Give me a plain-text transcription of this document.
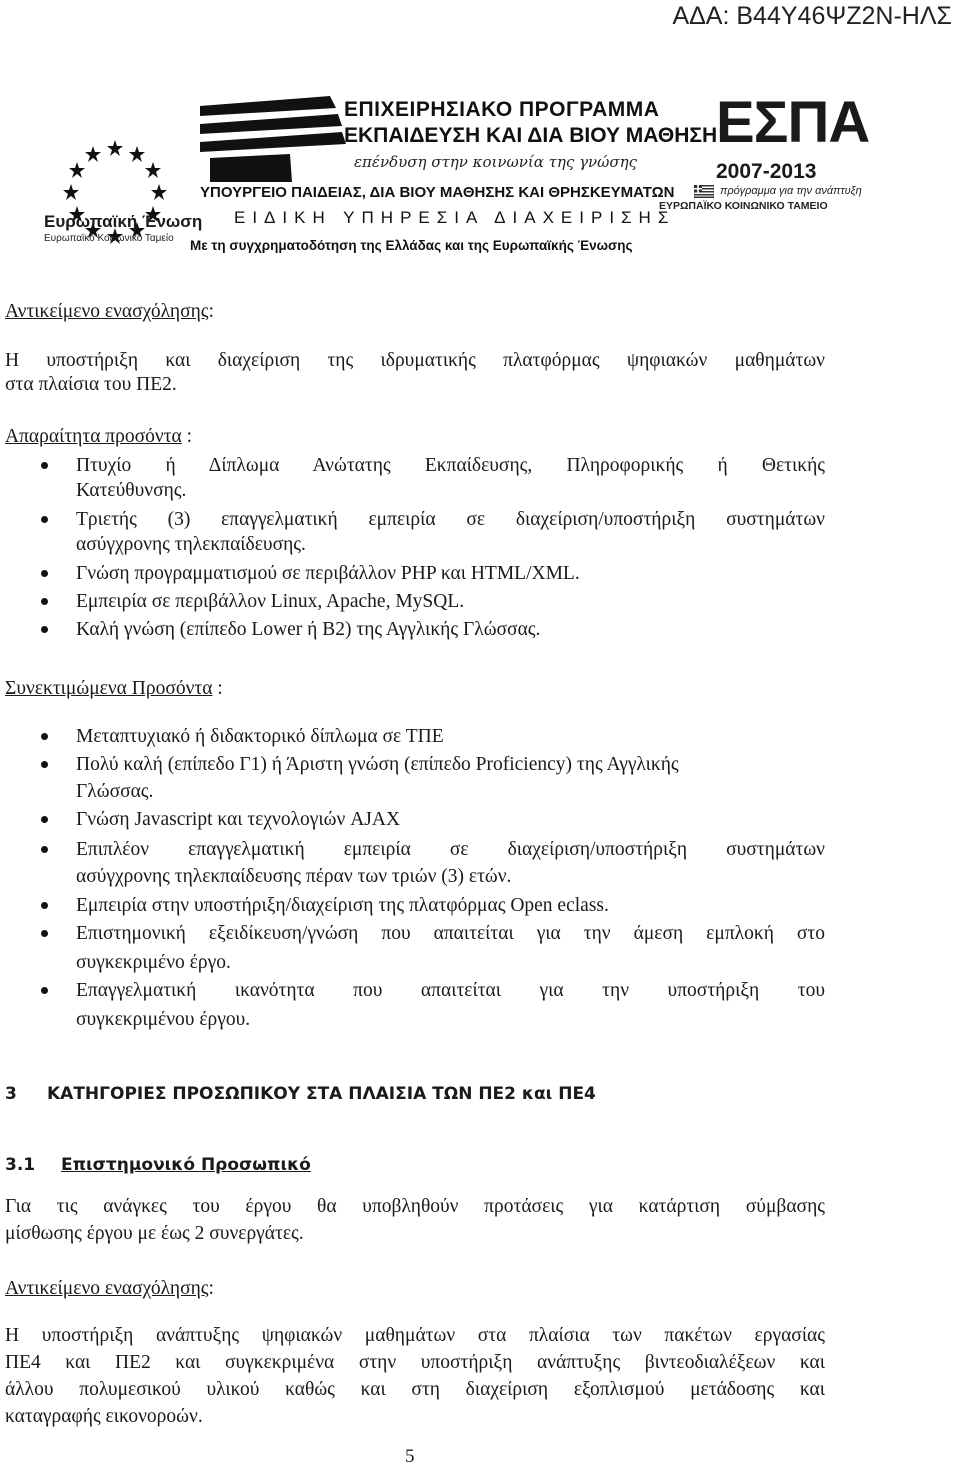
ΑΔΑ: Β44Υ46ΨΖ2Ν-ΗΛΣ
Ευρωπαϊκή Ένωση
Ευρωπαϊκό Κοινωνικό Ταμείο
ΕΠΙΧΕΙΡΗΣΙΑΚΟ ΠΡΟΓΡΑΜΜΑ
ΕΚΠΑΙΔΕΥΣΗ ΚΑΙ ΔΙΑ ΒΙΟΥ ΜΑΘΗΣΗ
επένδυση στην κοινωνία της γνώσης
ΥΠΟΥΡΓΕΙΟ ΠΑΙΔΕΙΑΣ, ΔΙΑ ΒΙΟΥ ΜΑΘΗΣΗΣ ΚΑΙ ΘΡΗΣΚΕΥΜΑΤΩΝ
ΕΙΔΙΚΗ ΥΠΗΡΕΣΙΑ ΔΙΑΧΕΙΡΙΣΗΣ
Με τη συγχρηματοδότηση της Ελλάδας και της Ευρωπαϊκής Ένωσης
ΕΣΠΑ
2007-2013
πρόγραμμα για την ανάπτυξη
ΕΥΡΩΠΑΪΚΟ ΚΟΙΝΩΝΙΚΟ ΤΑΜΕΙΟ
Αντικείμενο ενασχόλησης:
Η υποστήριξη και διαχείριση της ιδρυματικής πλατφόρμας ψηφιακών μαθημάτων
στα πλαίσια του ΠΕ2.
Απαραίτητα προσόντα :
Πτυχίο ή Δίπλωμα Ανώτατης Εκπαίδευσης, Πληροφορικής ή Θετικής
Κατεύθυνσης.
Τριετής (3) επαγγελματική εμπειρία σε διαχείριση/υποστήριξη συστημάτων
ασύγχρονης τηλεκπαίδευσης.
Γνώση προγραμματισμού σε περιβάλλον PHP και HTML/XML.
Εμπειρία σε περιβάλλον Linux, Apache, MySQL.
Καλή γνώση (επίπεδο Lower ή B2) της Αγγλικής Γλώσσας.
Συνεκτιμώμενα Προσόντα :
Μεταπτυχιακό ή διδακτορικό δίπλωμα σε ΤΠΕ
Πολύ καλή (επίπεδο Γ1) ή Άριστη γνώση (επίπεδο Proficiency) της Αγγλικής
Γλώσσας.
Γνώση Javascript και τεχνολογιών AJAX
Επιπλέον επαγγελματική εμπειρία σε διαχείριση/υποστήριξη συστημάτων
ασύγχρονης τηλεκπαίδευσης πέραν των τριών (3) ετών.
Εμπειρία στην υποστήριξη/διαχείριση της πλατφόρμας Open eclass.
Επιστημονική εξειδίκευση/γνώση που απαιτείται για την άμεση εμπλοκή στο
συγκεκριμένο έργο.
Επαγγελματική ικανότητα που απαιτείται για την υποστήριξη του
συγκεκριμένου έργου.
3 ΚΑΤΗΓΟΡΙΕΣ ΠΡΟΣΩΠΙΚΟΥ ΣΤΑ ΠΛΑΙΣΙΑ ΤΩΝ ΠΕ2 και ΠΕ4
3.1 Επιστημονικό Προσωπικό
Για τις ανάγκες του έργου θα υποβληθούν προτάσεις για κατάρτιση σύμβασης
μίσθωσης έργου με έως 2 συνεργάτες.
Αντικείμενο ενασχόλησης:
Η υποστήριξη ανάπτυξης ψηφιακών μαθημάτων στα πλαίσια των πακέτων εργασίας
ΠΕ4 και ΠΕ2 και συγκεκριμένα στην υποστήριξη ανάπτυξης βιντεοδιαλέξεων και
άλλου πολυμεσικού υλικού καθώς και στη διαχείριση εξοπλισμού μετάδοσης και
καταγραφής εικονοροών.
5
